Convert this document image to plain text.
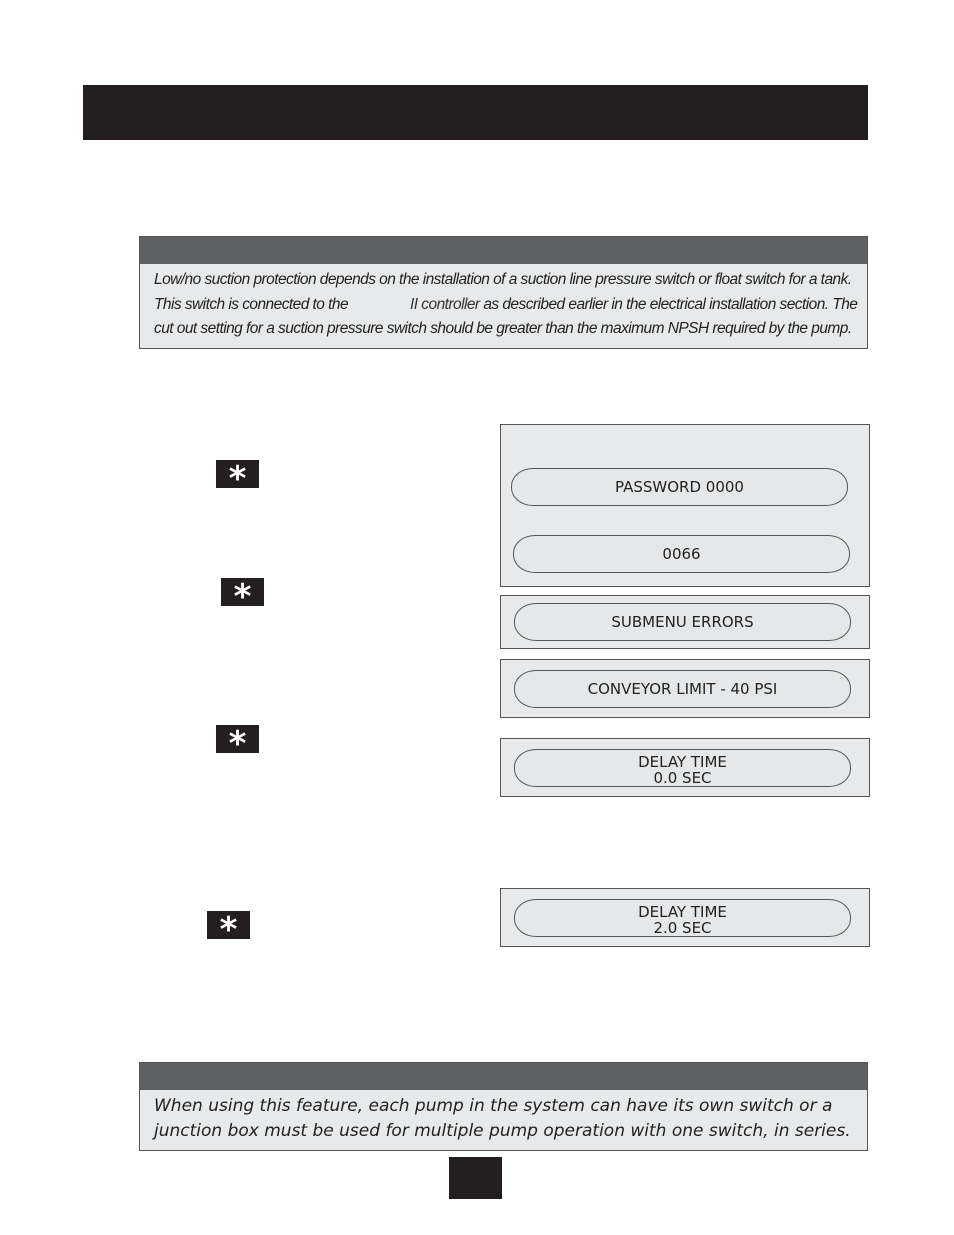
Low/no suction protection depends on the installation of a suction line pressure switch or float switch for a tank.
This switch is connected to the	II controller as described earlier in the electrical installation section. The
cut out setting for a suction pressure switch should be greater than the maximum NPSH required by the pump.
*
*
*
*
PASSWORD 0000
0066
SUBMENU ERRORS
CONVEYOR LIMIT - 40 PSI
DELAY TIME
0.0 SEC
DELAY TIME
2.0 SEC
When using this feature, each pump in the system can have its own switch or a
junction box must be used for multiple pump operation with one switch, in series.
